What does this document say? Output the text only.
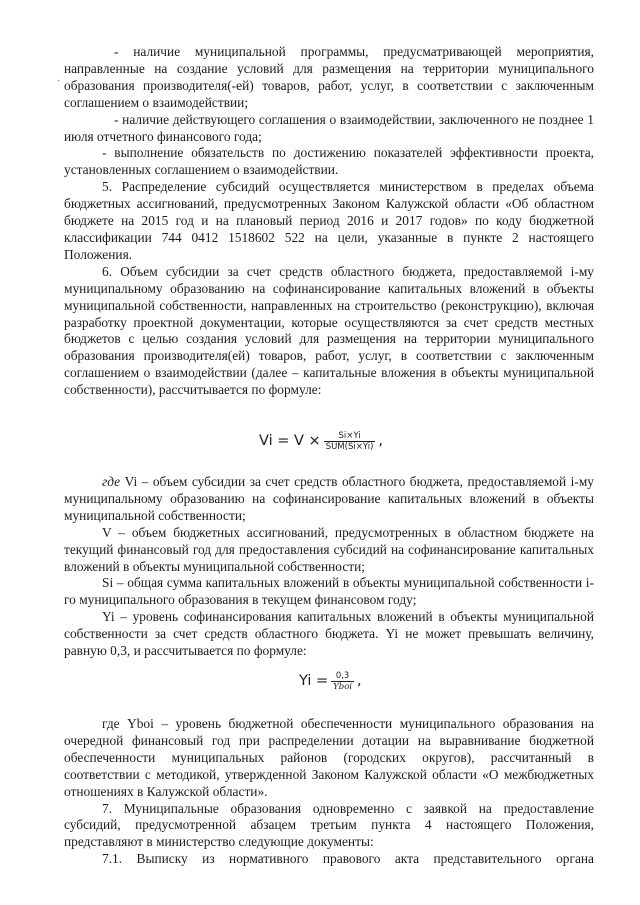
·

- наличие муниципальной программы, предусматривающей мероприятия, направленные на создание условий для размещения на территории муниципального образования производителя(-ей) товаров, работ, услуг, в соответствии с заключенным соглашением о взаимодействии;

- наличие действующего соглашения о взаимодействии, заключенного не позднее 1 июля отчетного финансового года;

- выполнение обязательств по достижению показателей эффективности проекта, установленных соглашением о взаимодействии.

5. Распределение субсидий осуществляется министерством в пределах объема бюджетных ассигнований, предусмотренных Законом Калужской области «Об областном бюджете на 2015 год и на плановый период 2016 и 2017 годов» по коду бюджетной классификации 744 0412 1518602 522 на цели, указанные в пункте 2 настоящего Положения.

6. Объем субсидии за счет средств областного бюджета, предоставляемой i-му муниципальному образованию на софинансирование капитальных вложений в объекты муниципальной собственности, направленных на строительство (реконструкцию), включая разработку проектной документации, которые осуществляются за счет средств местных бюджетов с целью создания условий для размещения на территории муниципального образования производителя(ей) товаров, работ, услуг, в соответствии с заключенным соглашением о взаимодействии (далее – капитальные вложения в объекты муниципальной собственности), рассчитывается по формуле:

$Vi = V \times \frac{Si\times Yi}{\text{SUM(Si×Yi)}}$ ,

где Vi – объем субсидии за счет средств областного бюджета, предоставляемой i-му муниципальному образованию на софинансирование капитальных вложений в объекты муниципальной собственности;

V – объем бюджетных ассигнований, предусмотренных в областном бюджете на текущий финансовый год для предоставления субсидий на софинансирование капитальных вложений в объекты муниципальной собственности;

Si – общая сумма капитальных вложений в объекты муниципальной собственности i-го муниципального образования в текущем финансовом году;

Yi – уровень софинансирования капитальных вложений в объекты муниципальной собственности за счет средств областного бюджета. Yi не может превышать величину, равную 0,3, и рассчитывается по формуле:

$Yi = \frac{0,3}{\text{Yboi}}$ ,

где Yboi – уровень бюджетной обеспеченности муниципального образования на очередной финансовый год при распределении дотации на выравнивание бюджетной обеспеченности муниципальных районов (городских округов), рассчитанный в соответствии с методикой, утвержденной Законом Калужской области «О межбюджетных отношениях в Калужской области».

7. Муниципальные образования одновременно с заявкой на предоставление субсидий, предусмотренной абзацем третьим пункта 4 настоящего Положения, представляют в министерство следующие документы:

7.1. Выписку из нормативного правового акта представительного органа
